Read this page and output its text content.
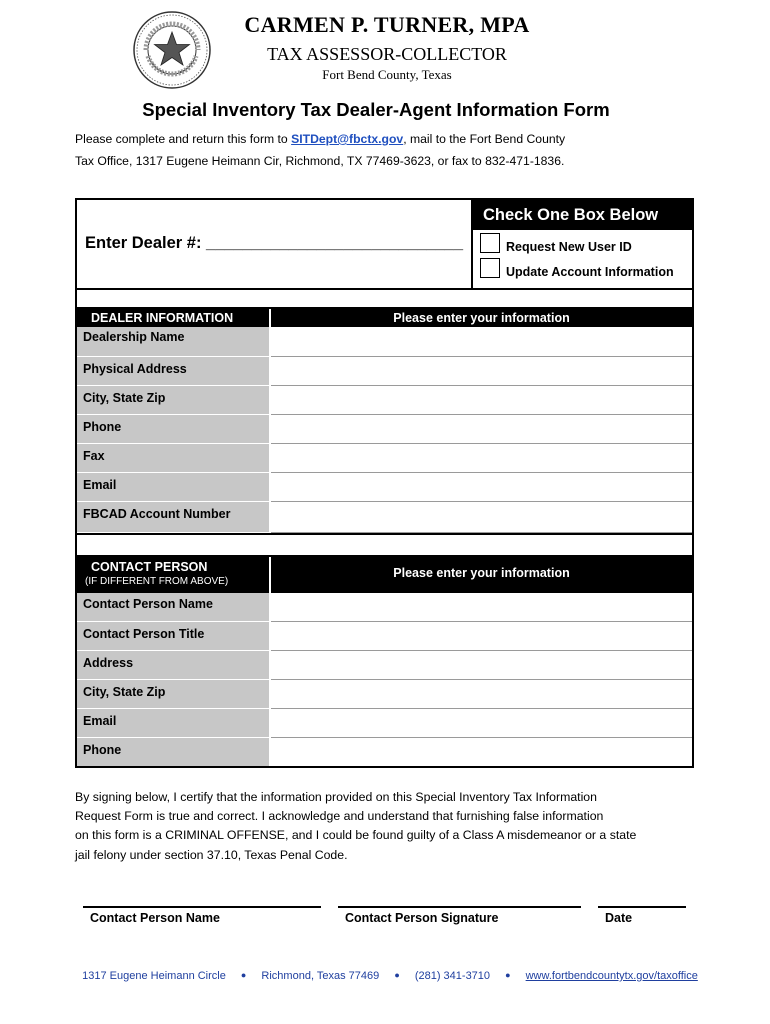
CARMEN P. TURNER, MPA
TAX ASSESSOR-COLLECTOR
Fort Bend County, Texas
Special Inventory Tax Dealer-Agent Information Form
Please complete and return this form to SITDept@fbctx.gov, mail to the Fort Bend County
Tax Office, 1317 Eugene Heimann Cir, Richmond, TX 77469-3623, or fax to 832-471-1836.
Enter Dealer #: ____________________________
Check One Box Below
Request New User ID
Update Account Information
DEALER INFORMATION	Please enter your information
Dealership Name
Physical Address
City, State Zip
Phone
Fax
Email
FBCAD Account Number
CONTACT PERSON
(IF DIFFERENT FROM ABOVE)
Please enter your information
Contact Person Name
Contact Person Title
Address
City, State Zip
Email
Phone
By signing below, I certify that the information provided on this Special Inventory Tax Information
Request Form is true and correct. I acknowledge and understand that furnishing false information
on this form is a CRIMINAL OFFENSE, and I could be found guilty of a Class A misdemeanor or a state
jail felony under section 37.10, Texas Penal Code.
Contact Person Name	Contact Person Signature	Date
1317 Eugene Heimann Circle ● Richmond, Texas 77469 ● (281) 341-3710 ● www.fortbendcountytx.gov/taxoffice
